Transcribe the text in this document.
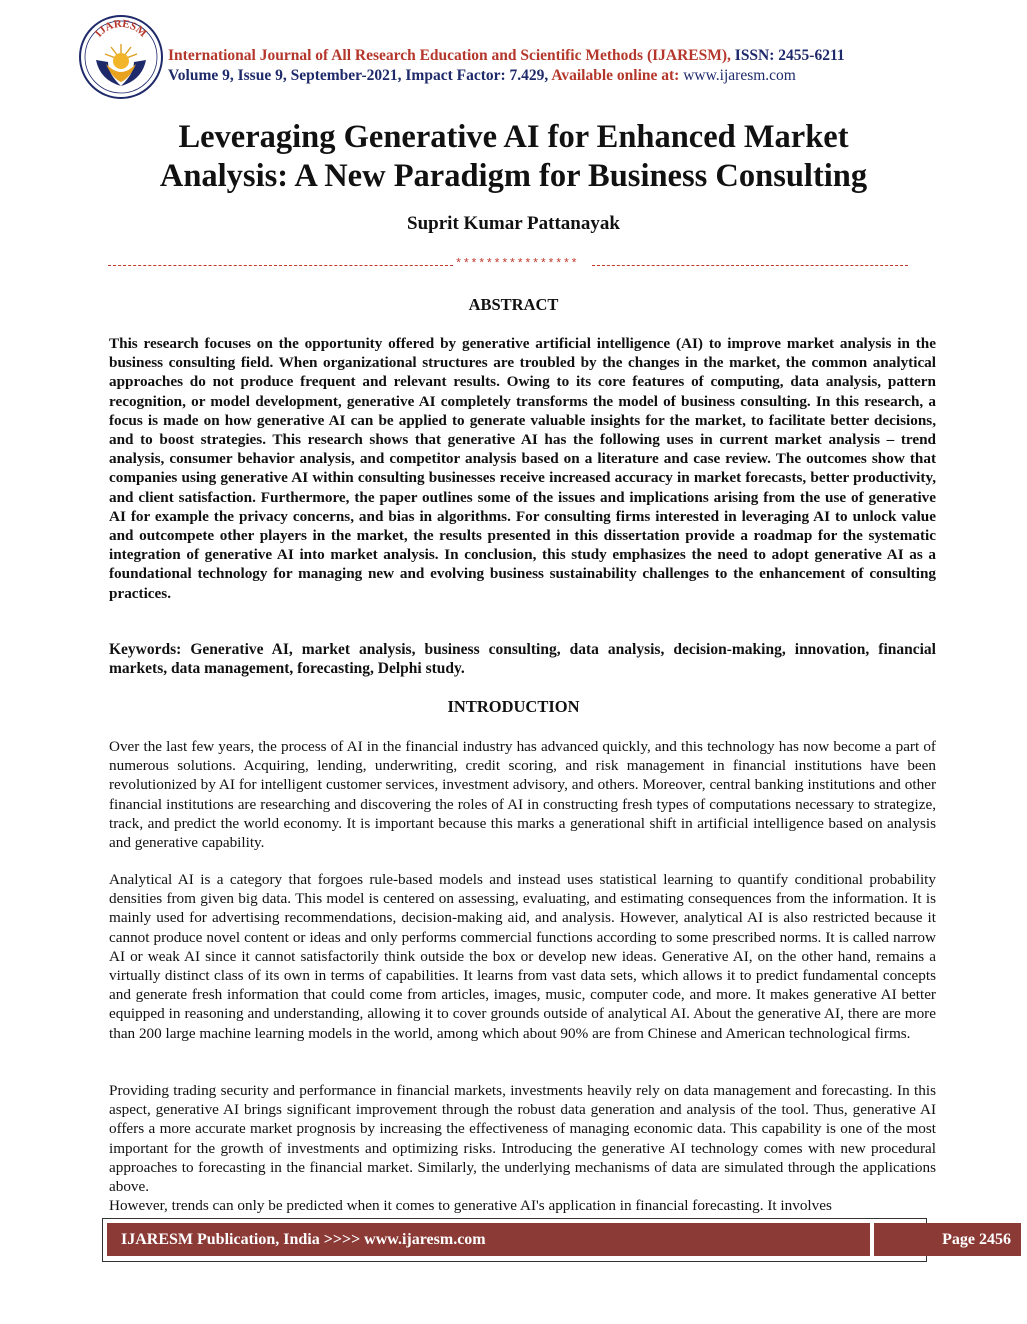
IJARESM
International Journal of All Research Education and Scientific Methods (IJARESM), ISSN: 2455-6211
Volume 9, Issue 9, September-2021, Impact Factor: 7.429, Available online at: www.ijaresm.com
Leveraging Generative AI for Enhanced Market
Analysis: A New Paradigm for Business Consulting
Suprit Kumar Pattanayak
****************
ABSTRACT
This research focuses on the opportunity offered by generative artificial intelligence (AI) to improve market analysis in the business consulting field. When organizational structures are troubled by the changes in the market, the common analytical approaches do not produce frequent and relevant results. Owing to its core features of computing, data analysis, pattern recognition, or model development, generative AI completely transforms the model of business consulting. In this research, a focus is made on how generative AI can be applied to generate valuable insights for the market, to facilitate better decisions, and to boost strategies. This research shows that generative AI has the following uses in current market analysis – trend analysis, consumer behavior analysis, and competitor analysis based on a literature and case review. The outcomes show that companies using generative AI within consulting businesses receive increased accuracy in market forecasts, better productivity, and client satisfaction. Furthermore, the paper outlines some of the issues and implications arising from the use of generative AI for example the privacy concerns, and bias in algorithms. For consulting firms interested in leveraging AI to unlock value and outcompete other players in the market, the results presented in this dissertation provide a roadmap for the systematic integration of generative AI into market analysis. In conclusion, this study emphasizes the need to adopt generative AI as a foundational technology for managing new and evolving business sustainability challenges to the enhancement of consulting practices.
Keywords: Generative AI, market analysis, business consulting, data analysis, decision-making, innovation, financial markets, data management, forecasting, Delphi study.
INTRODUCTION
Over the last few years, the process of AI in the financial industry has advanced quickly, and this technology has now become a part of numerous solutions. Acquiring, lending, underwriting, credit scoring, and risk management in financial institutions have been revolutionized by AI for intelligent customer services, investment advisory, and others. Moreover, central banking institutions and other financial institutions are researching and discovering the roles of AI in constructing fresh types of computations necessary to strategize, track, and predict the world economy. It is important because this marks a generational shift in artificial intelligence based on analysis and generative capability.
Analytical AI is a category that forgoes rule-based models and instead uses statistical learning to quantify conditional probability densities from given big data. This model is centered on assessing, evaluating, and estimating consequences from the information. It is mainly used for advertising recommendations, decision-making aid, and analysis. However, analytical AI is also restricted because it cannot produce novel content or ideas and only performs commercial functions according to some prescribed norms. It is called narrow AI or weak AI since it cannot satisfactorily think outside the box or develop new ideas. Generative AI, on the other hand, remains a virtually distinct class of its own in terms of capabilities. It learns from vast data sets, which allows it to predict fundamental concepts and generate fresh information that could come from articles, images, music, computer code, and more. It makes generative AI better equipped in reasoning and understanding, allowing it to cover grounds outside of analytical AI. About the generative AI, there are more than 200 large machine learning models in the world, among which about 90% are from Chinese and American technological firms.
Providing trading security and performance in financial markets, investments heavily rely on data management and forecasting. In this aspect, generative AI brings significant improvement through the robust data generation and analysis of the tool. Thus, generative AI offers a more accurate market prognosis by increasing the effectiveness of managing economic data. This capability is one of the most important for the growth of investments and optimizing risks. Introducing the generative AI technology comes with new procedural approaches to forecasting in the financial market. Similarly, the underlying mechanisms of data are simulated through the applications above.
However, trends can only be predicted when it comes to generative AI's application in financial forecasting. It involves
IJARESM Publication, India >>>> www.ijaresm.com	Page 2456
